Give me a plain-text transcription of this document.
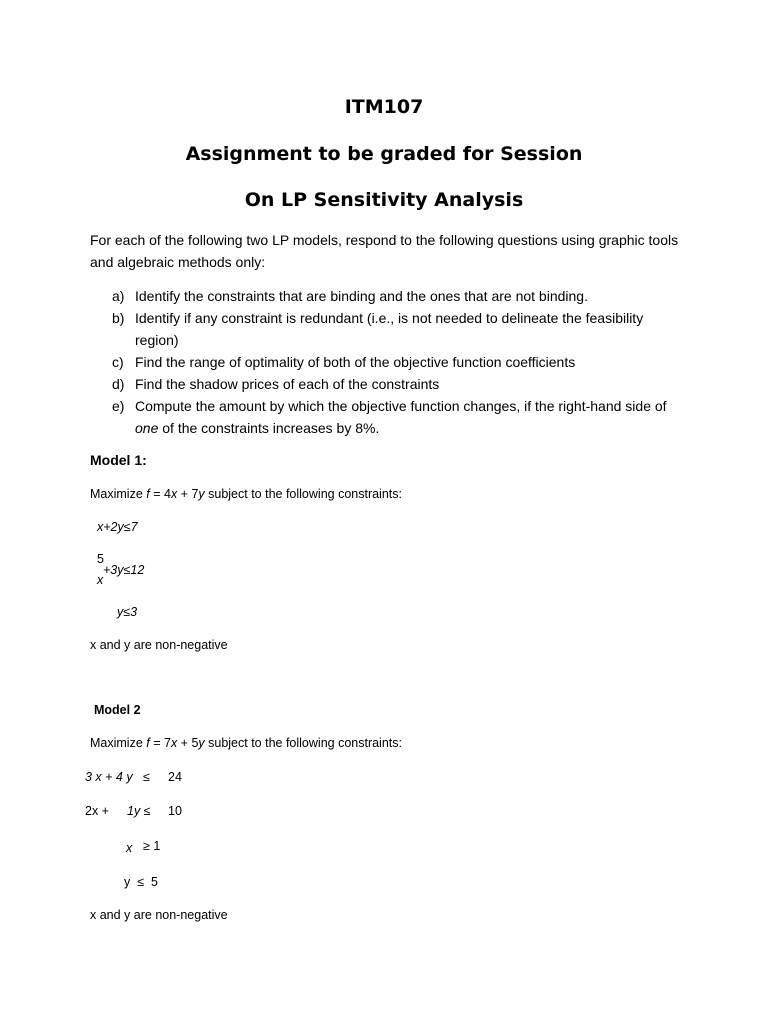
ITM107
Assignment to be graded for Session
On LP Sensitivity Analysis
For each of the following two LP models, respond to the following questions using graphic tools and algebraic methods only:
a) Identify the constraints that are binding and the ones that are not binding.
b) Identify if any constraint is redundant (i.e., is not needed to delineate the feasibility region)
c) Find the range of optimality of both of the objective function coefficients
d) Find the shadow prices of each of the constraints
e) Compute the amount by which the objective function changes, if the right-hand side of one of the constraints increases by 8%.
Model 1:
Maximize f = 4x + 7y subject to the following constraints:
x+2y≤7
5
+3y≤12
x
y≤3
x and y are non-negative
Model 2
Maximize f = 7x + 5y subject to the following constraints:
3 x + 4 y ≤ 24
2x + 1y ≤ 10
x ≥ 1
y  ≤  5
x and y are non-negative
